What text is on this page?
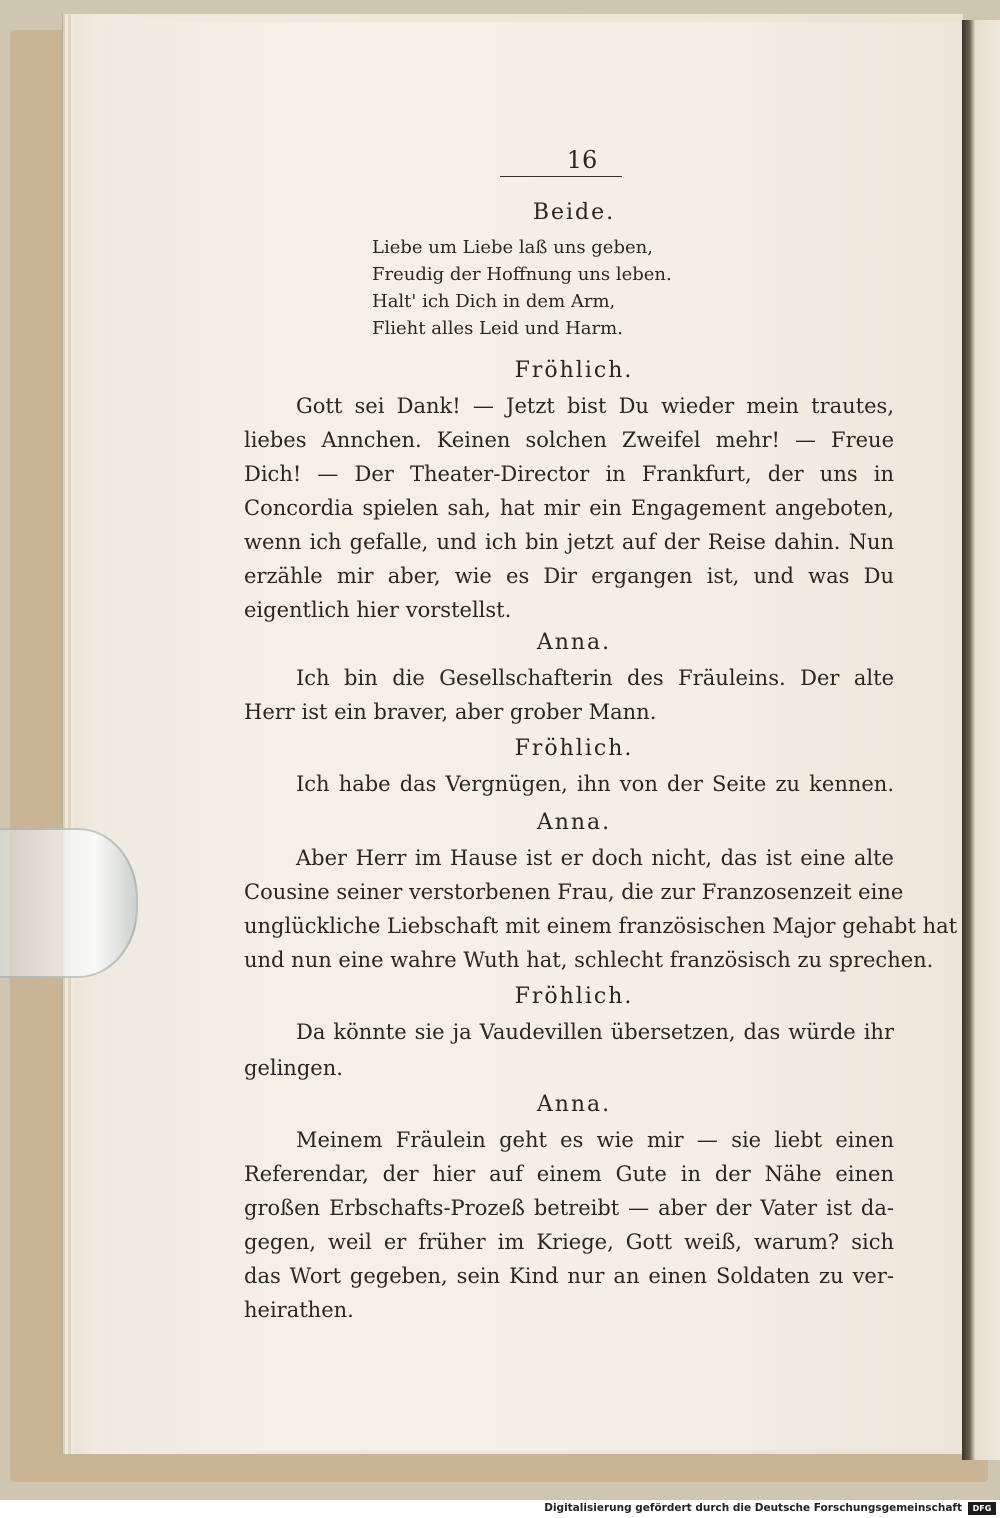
16
Beide.
Liebe um Liebe laß uns geben,
Freudig der Hoffnung uns leben.
Halt' ich Dich in dem Arm,
Flieht alles Leid und Harm.
Fröhlich.
Gott sei Dank! — Jetzt bist Du wieder mein trautes,
liebes Annchen. Keinen solchen Zweifel mehr! — Freue
Dich! — Der Theater-Director in Frankfurt, der uns in
Concordia spielen sah, hat mir ein Engagement angeboten,
wenn ich gefalle, und ich bin jetzt auf der Reise dahin. Nun
erzähle mir aber, wie es Dir ergangen ist, und was Du
eigentlich hier vorstellst.
Anna.
Ich bin die Gesellschafterin des Fräuleins. Der alte
Herr ist ein braver, aber grober Mann.
Fröhlich.
Ich habe das Vergnügen, ihn von der Seite zu kennen.
Anna.
Aber Herr im Hause ist er doch nicht, das ist eine alte
Cousine seiner verstorbenen Frau, die zur Franzosenzeit eine
unglückliche Liebschaft mit einem französischen Major gehabt hat
und nun eine wahre Wuth hat, schlecht französisch zu sprechen.
Fröhlich.
Da könnte sie ja Vaudevillen übersetzen, das würde ihr
gelingen.
Anna.
Meinem Fräulein geht es wie mir — sie liebt einen
Referendar, der hier auf einem Gute in der Nähe einen
großen Erbschafts-Prozeß betreibt — aber der Vater ist da-
gegen, weil er früher im Kriege, Gott weiß, warum? sich
das Wort gegeben, sein Kind nur an einen Soldaten zu ver-
heirathen.
Digitalisierung gefördert durch die Deutsche Forschungsgemeinschaft	DFG
